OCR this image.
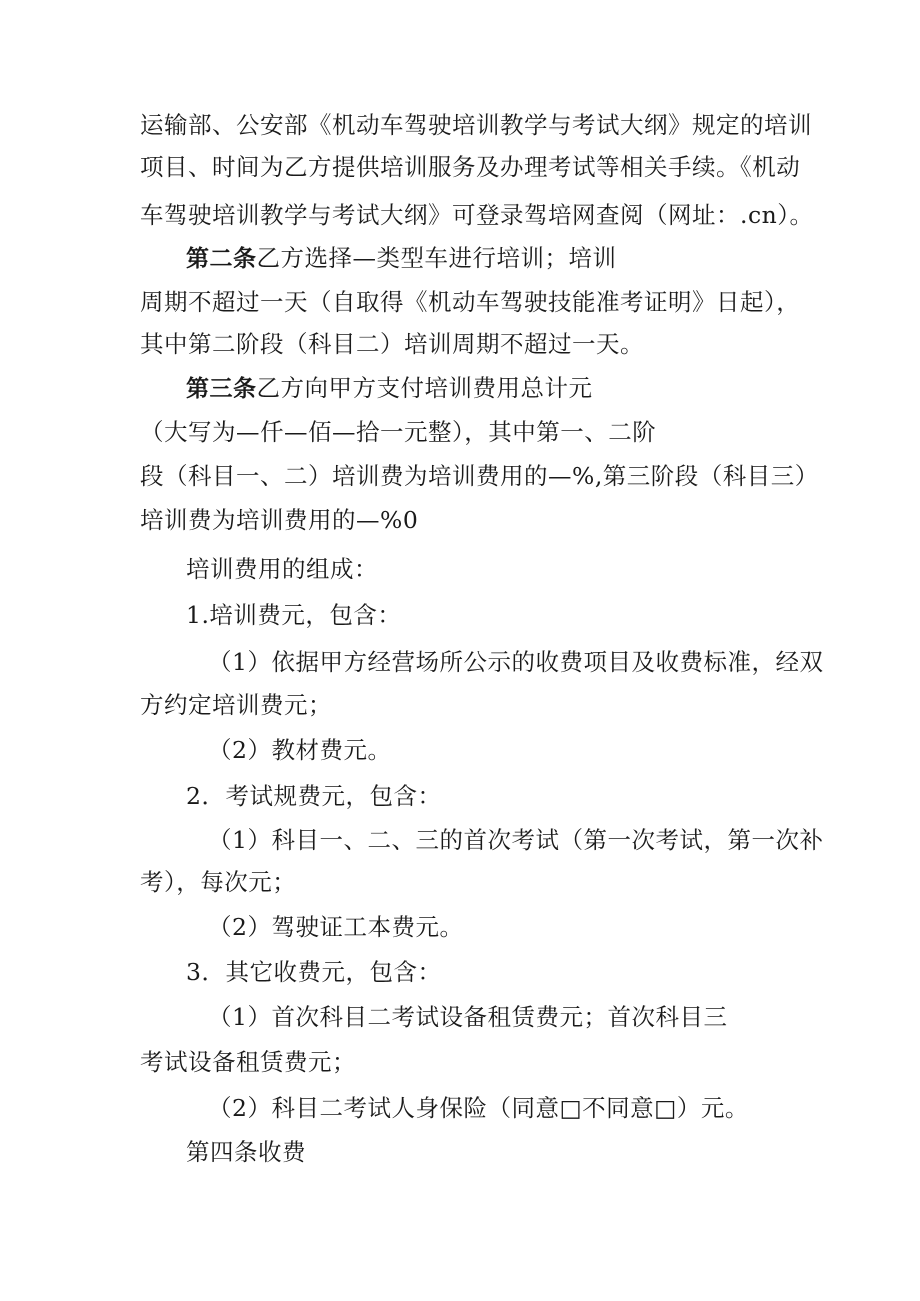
运输部、公安部《机动车驾驶培训教学与考试大纲》规定的培训
项目、时间为乙方提供培训服务及办理考试等相关手续。《机动
车驾驶培训教学与考试大纲》可登录驾培网查阅（网址：.cn）。
第二条乙方选择—类型车进行培训；培训
周期不超过一天（自取得《机动车驾驶技能准考证明》日起），
其中第二阶段（科目二）培训周期不超过一天。
第三条乙方向甲方支付培训费用总计元
（大写为—仟—佰—拾一元整），其中第一、二阶
段（科目一、二）培训费为培训费用的—%,第三阶段（科目三）
培训费为培训费用的—%0
培训费用的组成：
1.培训费元，包含：
（1）依据甲方经营场所公示的收费项目及收费标准，经双
方约定培训费元；
（2）教材费元。
2．考试规费元，包含：
（1）科目一、二、三的首次考试（第一次考试，第一次补
考），每次元；
（2）驾驶证工本费元。
3．其它收费元，包含：
（1）首次科目二考试设备租赁费元；首次科目三
考试设备租赁费元；
（2）科目二考试人身保险（同意□不同意□）元。
第四条收费
